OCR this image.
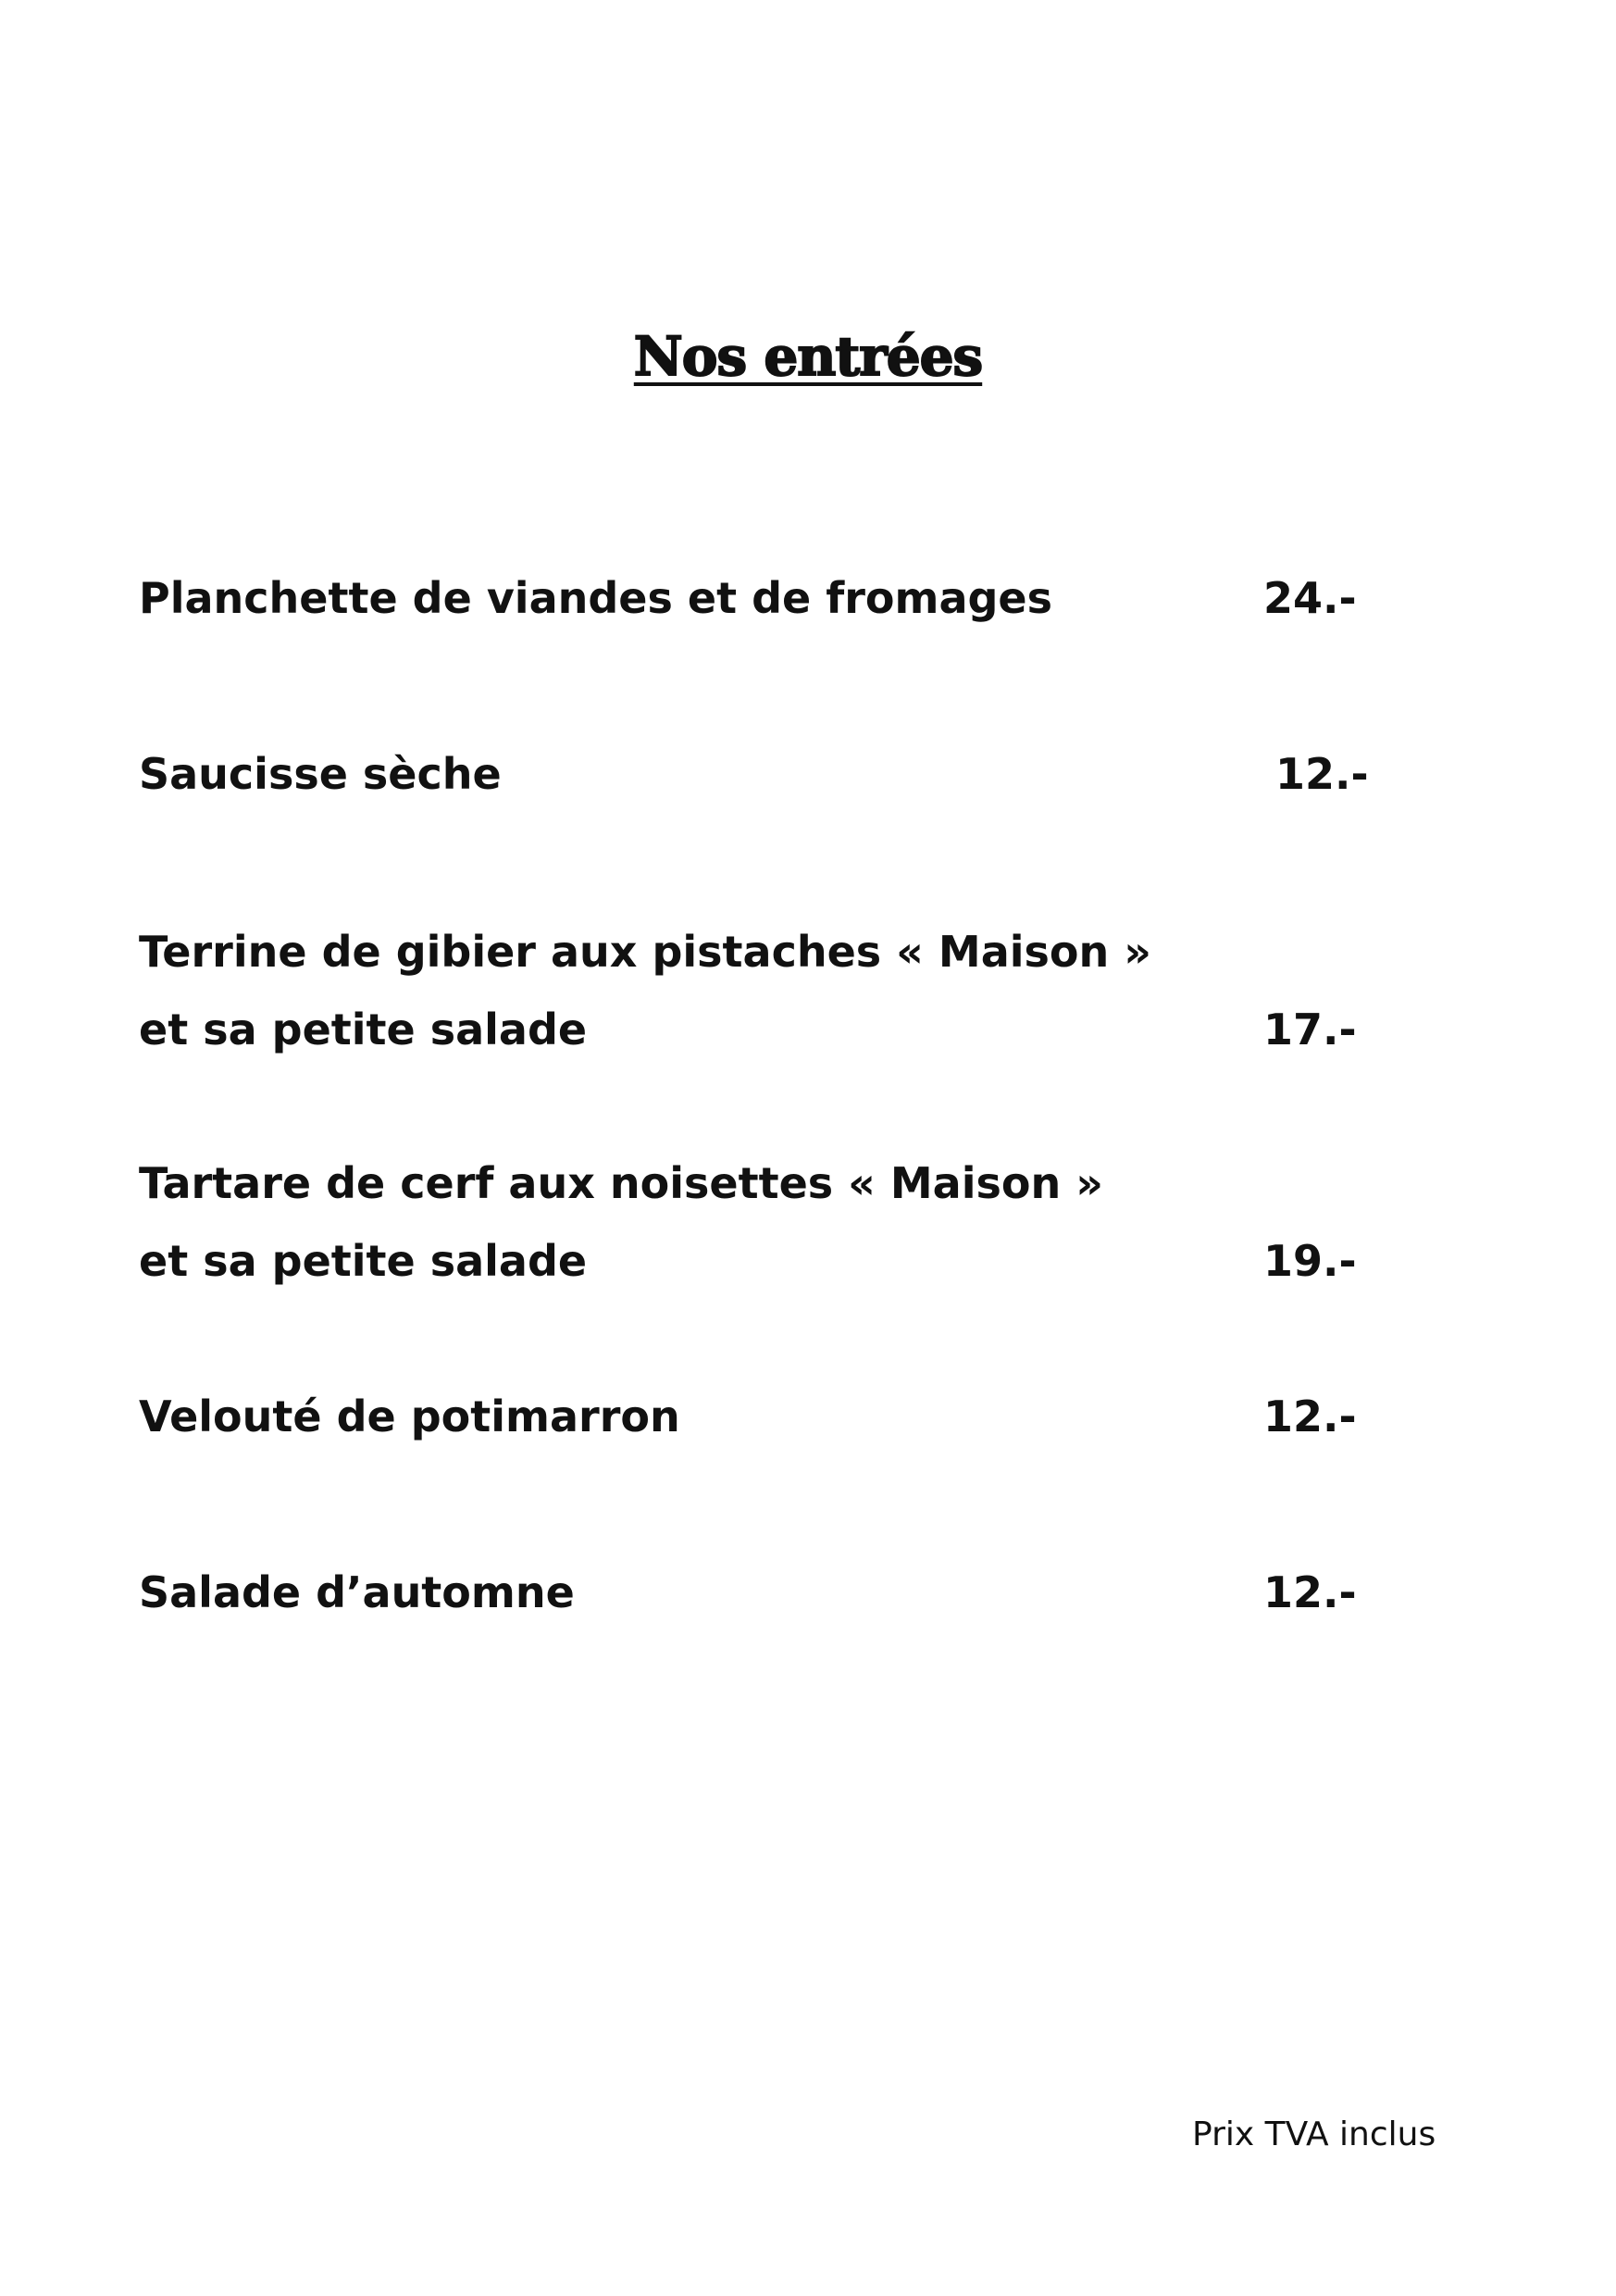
Nos entrées
Planchette de viandes et de fromages	24.-
Saucisse sèche	12.-
Terrine de gibier aux pistaches « Maison »
et sa petite salade	17.-
Tartare de cerf aux noisettes « Maison »
et sa petite salade	19.-
Velouté de potimarron	12.-
Salade d’automne	12.-
Prix TVA inclus
